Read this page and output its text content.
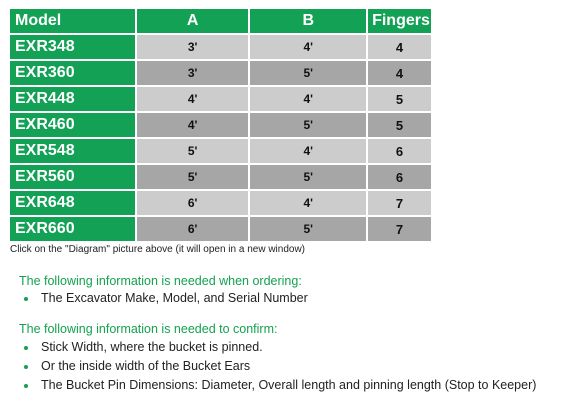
Model	A	B	Fingers
EXR348	3'	4'	4
EXR360	3'	5'	4
EXR448	4'	4'	5
EXR460	4'	5'	5
EXR548	5'	4'	6
EXR560	5'	5'	6
EXR648	6'	4'	7
EXR660	6'	5'	7
Click on the "Diagram" picture above (it will open in a new window)
The following information is needed when ordering:
The Excavator Make, Model, and Serial Number
The following information is needed to confirm:
Stick Width, where the bucket is pinned.
Or the inside width of the Bucket Ears
The Bucket Pin Dimensions: Diameter, Overall length and pinning length (Stop to Keeper)
